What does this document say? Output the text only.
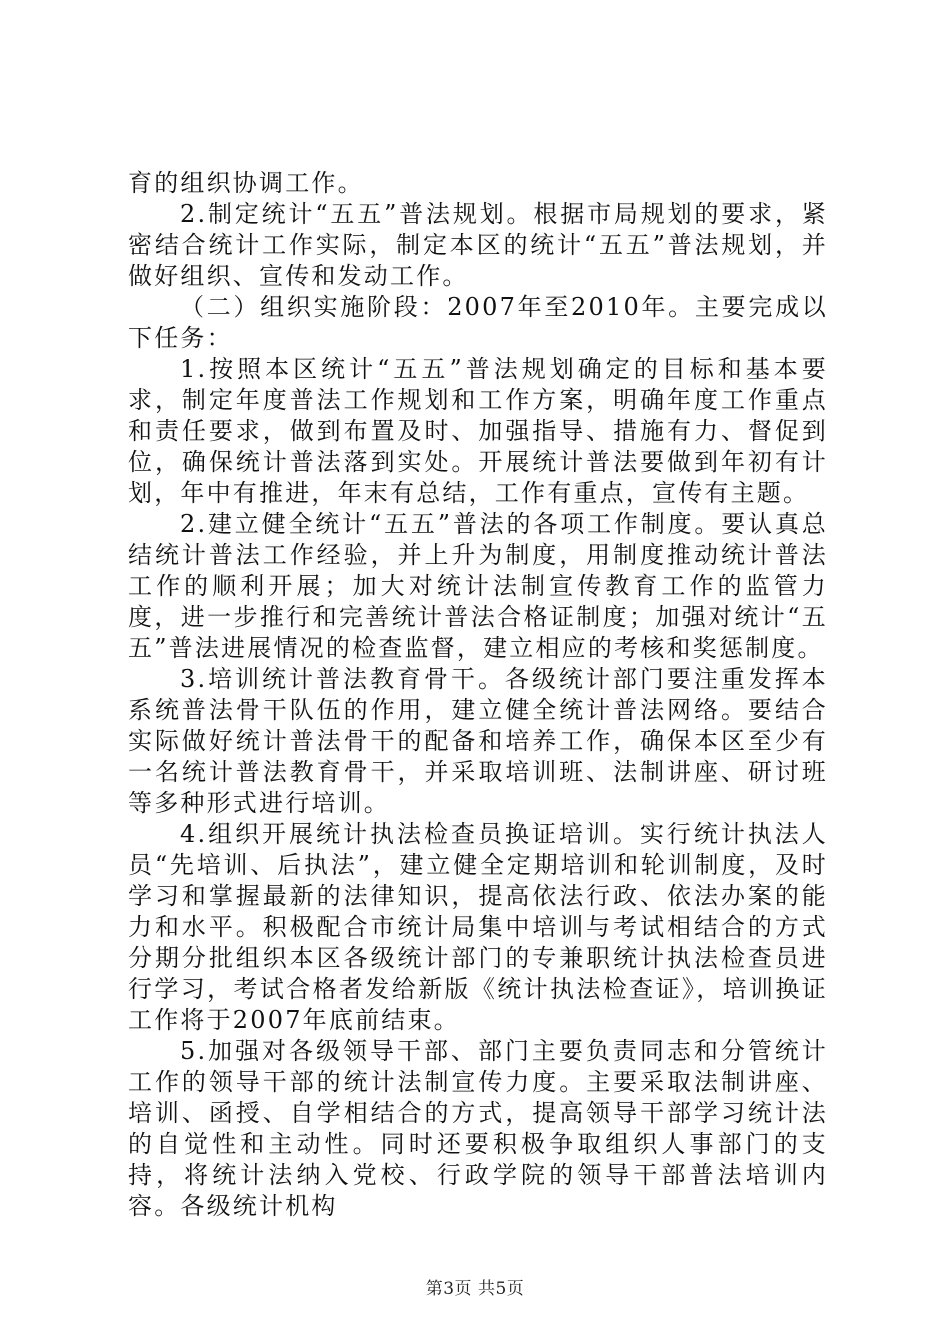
育的组织协调工作。

2.制定统计“五五”普法规划。根据市局规划的要求，紧密结合统计工作实际，制定本区的统计“五五”普法规划，并做好组织、宣传和发动工作。

（二）组织实施阶段：2007年至2010年。主要完成以下任务：

1.按照本区统计“五五”普法规划确定的目标和基本要求，制定年度普法工作规划和工作方案，明确年度工作重点和责任要求，做到布置及时、加强指导、措施有力、督促到位，确保统计普法落到实处。开展统计普法要做到年初有计划，年中有推进，年末有总结，工作有重点，宣传有主题。

2.建立健全统计“五五”普法的各项工作制度。要认真总结统计普法工作经验，并上升为制度，用制度推动统计普法工作的顺利开展；加大对统计法制宣传教育工作的监管力度，进一步推行和完善统计普法合格证制度；加强对统计“五五”普法进展情况的检查监督，建立相应的考核和奖惩制度。

3.培训统计普法教育骨干。各级统计部门要注重发挥本系统普法骨干队伍的作用，建立健全统计普法网络。要结合实际做好统计普法骨干的配备和培养工作，确保本区至少有一名统计普法教育骨干，并采取培训班、法制讲座、研讨班等多种形式进行培训。

4.组织开展统计执法检查员换证培训。实行统计执法人员“先培训、后执法”，建立健全定期培训和轮训制度，及时学习和掌握最新的法律知识，提高依法行政、依法办案的能力和水平。积极配合市统计局集中培训与考试相结合的方式分期分批组织本区各级统计部门的专兼职统计执法检查员进行学习，考试合格者发给新版《统计执法检查证》，培训换证工作将于2007年底前结束。

5.加强对各级领导干部、部门主要负责同志和分管统计工作的领导干部的统计法制宣传力度。主要采取法制讲座、培训、函授、自学相结合的方式，提高领导干部学习统计法的自觉性和主动性。同时还要积极争取组织人事部门的支持，将统计法纳入党校、行政学院的领导干部普法培训内容。各级统计机构

第3页 共5页
